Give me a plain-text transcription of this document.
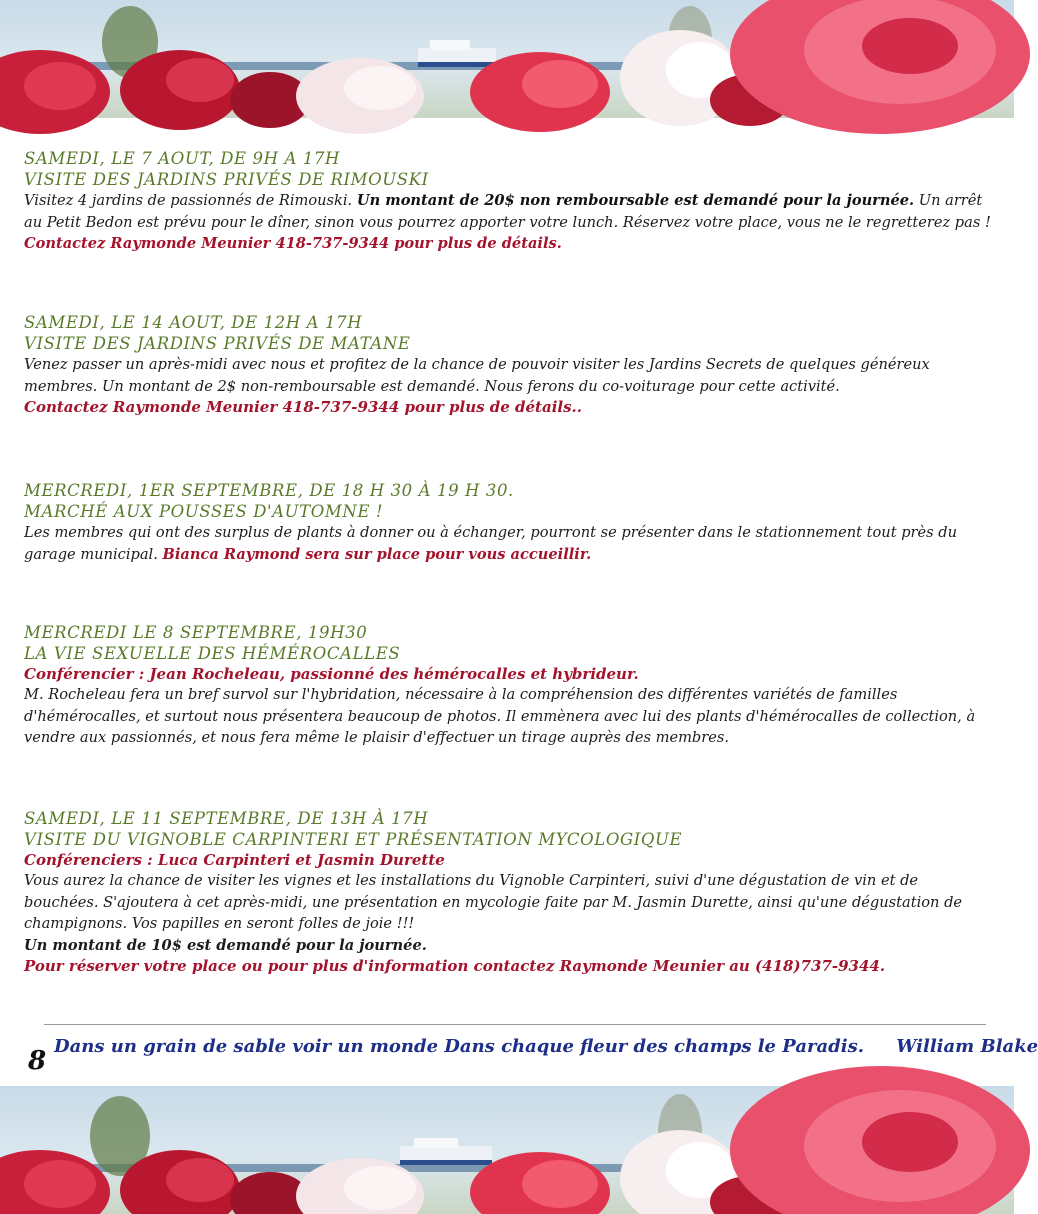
SAMEDI, LE 7 AOUT, DE 9H A 17H
VISITE DES JARDINS PRIVÉS DE RIMOUSKI
Visitez 4 jardins de passionnés de Rimouski. Un montant de 20$ non remboursable est demandé pour la journée. Un arrêt au Petit Bedon est prévu pour le dîner, sinon vous pourrez apporter votre lunch. Réservez votre place, vous ne le regretterez pas ! Contactez Raymonde Meunier 418-737-9344 pour plus de détails.
SAMEDI, LE 14 AOUT, DE 12H A 17H
VISITE DES JARDINS PRIVÉS DE MATANE
Venez passer un après-midi avec nous et profitez de la chance de pouvoir visiter les Jardins Secrets de quelques généreux membres. Un montant de 2$ non-remboursable est demandé. Nous ferons du co-voiturage pour cette activité.
Contactez Raymonde Meunier 418-737-9344 pour plus de détails..
MERCREDI, 1ER SEPTEMBRE, DE 18 H 30 À 19 H 30.
MARCHÉ AUX POUSSES D'AUTOMNE !
Les membres qui ont des surplus de plants à donner ou à échanger, pourront se présenter dans le stationnement tout près du garage municipal. Bianca Raymond sera sur place pour vous accueillir.
MERCREDI LE 8 SEPTEMBRE, 19H30
LA VIE SEXUELLE DES HÉMÉROCALLES
Conférencier : Jean Rocheleau, passionné des hémérocalles et hybrideur.
M. Rocheleau fera un bref survol sur l'hybridation, nécessaire à la compréhension des différentes variétés de familles d'hémérocalles, et surtout nous présentera beaucoup de photos. Il emmènera avec lui des plants d'hémérocalles de collection, à vendre aux passionnés, et nous fera même le plaisir d'effectuer un tirage auprès des membres.
SAMEDI, LE 11 SEPTEMBRE, DE 13H À 17H
VISITE DU VIGNOBLE CARPINTERI ET PRÉSENTATION MYCOLOGIQUE
Conférenciers : Luca Carpinteri et Jasmin Durette
Vous aurez la chance de visiter les vignes et les installations du Vignoble Carpinteri, suivi d'une dégustation de vin et de bouchées. S'ajoutera à cet après-midi, une présentation en mycologie faite par M. Jasmin Durette, ainsi qu'une dégustation de champignons. Vos papilles en seront folles de joie !!!
Un montant de 10$ est demandé pour la journée.
Pour réserver votre place ou pour plus d'information contactez Raymonde Meunier au (418)737-9344.
8 Dans un grain de sable voir un monde Dans chaque fleur des champs le Paradis. William Blake
